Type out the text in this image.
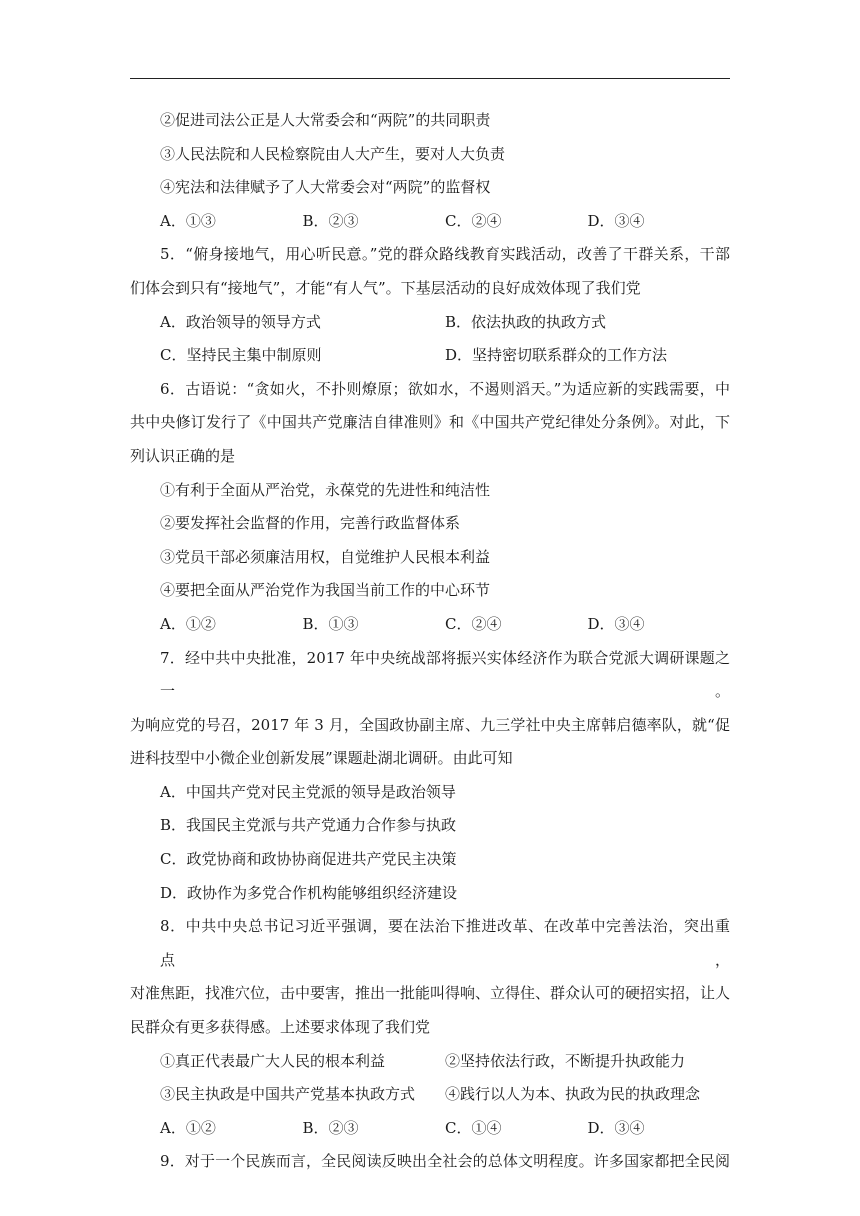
②促进司法公正是人大常委会和“两院”的共同职责
③人民法院和人民检察院由人大产生，要对人大负责
④宪法和法律赋予了人大常委会对“两院”的监督权
A．①③	B．②③	C．②④	D．③④
5．“俯身接地气，用心听民意。”党的群众路线教育实践活动，改善了干群关系，干部
们体会到只有“接地气”，才能“有人气”。下基层活动的良好成效体现了我们党
A．政治领导的领导方式	B．依法执政的执政方式
C．坚持民主集中制原则	D．坚持密切联系群众的工作方法
6．古语说：“贪如火，不扑则燎原；欲如水，不遏则滔天。”为适应新的实践需要，中
共中央修订发行了《中国共产党廉洁自律准则》和《中国共产党纪律处分条例》。对此，下
列认识正确的是
①有利于全面从严治党，永葆党的先进性和纯洁性
②要发挥社会监督的作用，完善行政监督体系
③党员干部必须廉洁用权，自觉维护人民根本利益
④要把全面从严治党作为我国当前工作的中心环节
A．①②	B．①③	C．②④	D．③④
7．经中共中央批准，2017 年中央统战部将振兴实体经济作为联合党派大调研课题之一。
为响应党的号召，2017 年 3 月，全国政协副主席、九三学社中央主席韩启德率队，就“促
进科技型中小微企业创新发展”课题赴湖北调研。由此可知
A．中国共产党对民主党派的领导是政治领导
B．我国民主党派与共产党通力合作参与执政
C．政党协商和政协协商促进共产党民主决策
D．政协作为多党合作机构能够组织经济建设
8．中共中央总书记习近平强调，要在法治下推进改革、在改革中完善法治，突出重点，
对准焦距，找准穴位，击中要害，推出一批能叫得响、立得住、群众认可的硬招实招，让人
民群众有更多获得感。上述要求体现了我们党
①真正代表最广大人民的根本利益	②坚持依法行政，不断提升执政能力
③民主执政是中国共产党基本执政方式	④践行以人为本、执政为民的执政理念
A．①②	B．②③	C．①④	D．③④
9．对于一个民族而言，全民阅读反映出全社会的总体文明程度。许多国家都把全民阅
